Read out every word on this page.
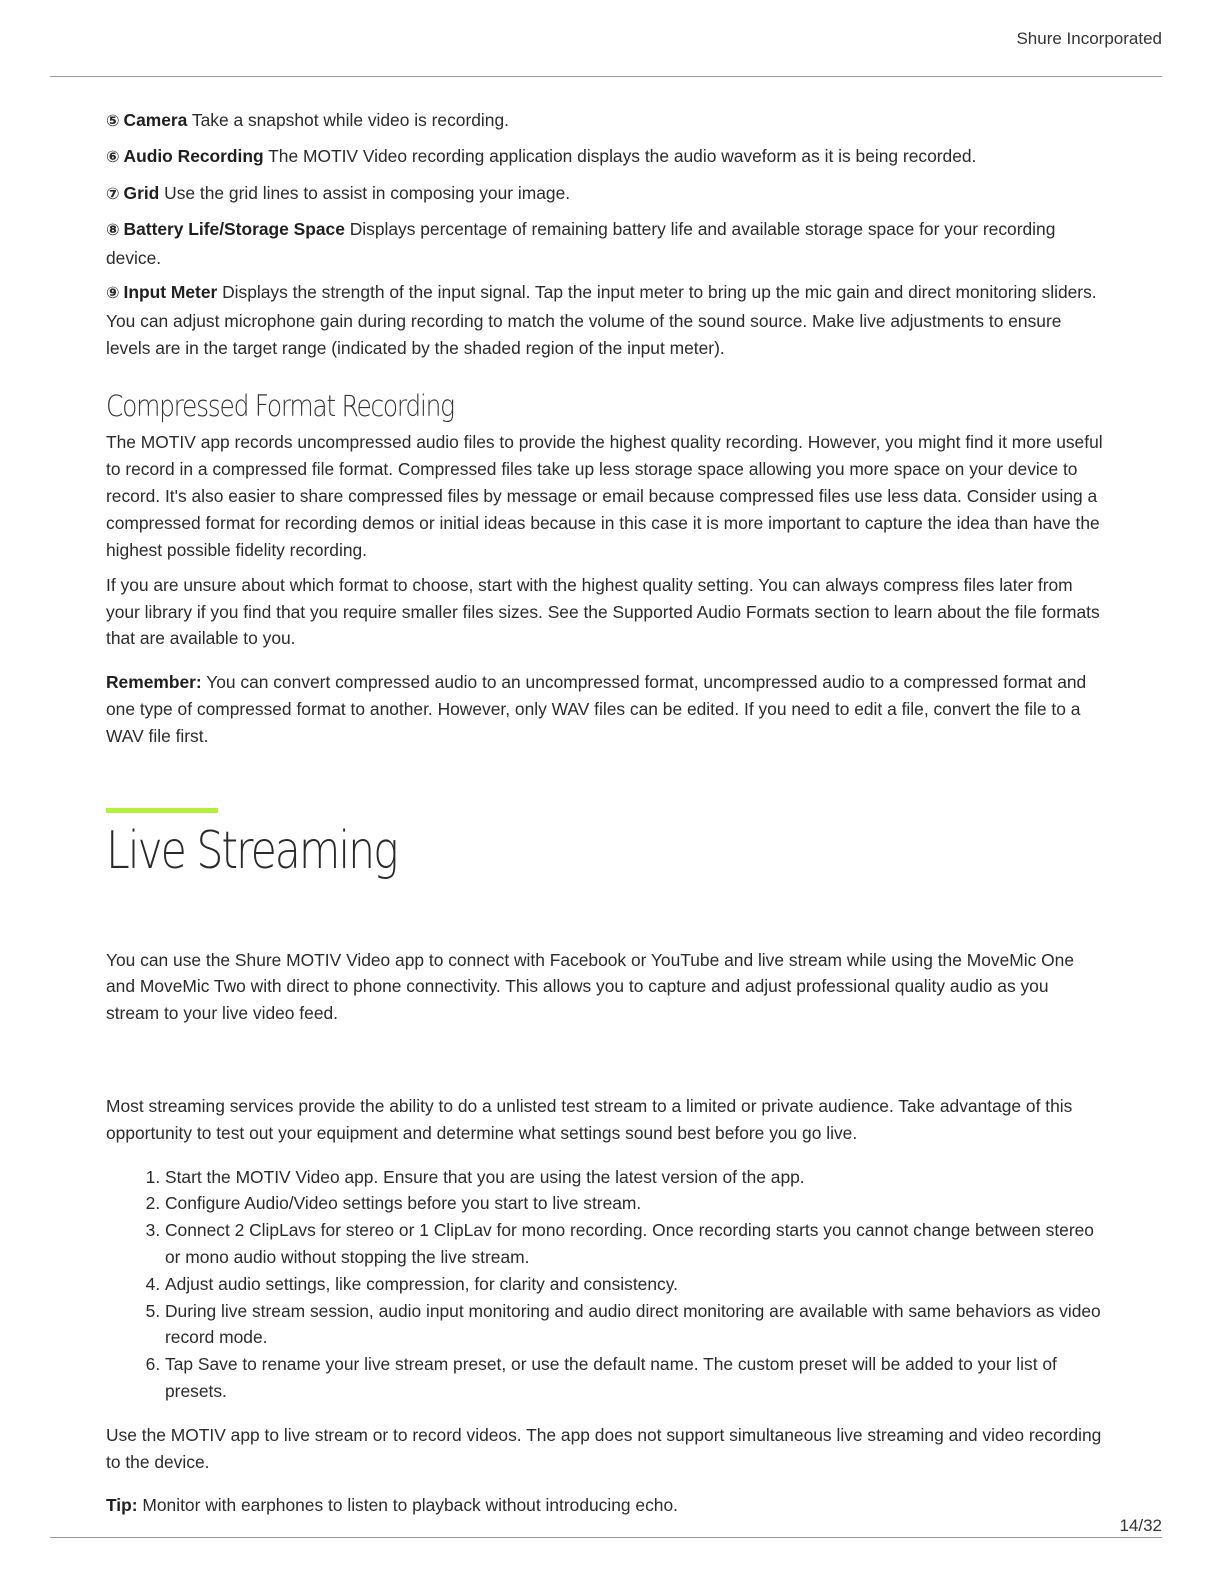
Shure Incorporated

⑤ Camera Take a snapshot while video is recording.

⑥ Audio Recording The MOTIV Video recording application displays the audio waveform as it is being recorded.

⑦ Grid Use the grid lines to assist in composing your image.

⑧ Battery Life/Storage Space Displays percentage of remaining battery life and available storage space for your recording device.

⑨ Input Meter Displays the strength of the input signal. Tap the input meter to bring up the mic gain and direct monitoring sliders. You can adjust microphone gain during recording to match the volume of the sound source. Make live adjustments to ensure levels are in the target range (indicated by the shaded region of the input meter).

Compressed Format Recording

The MOTIV app records uncompressed audio files to provide the highest quality recording. However, you might find it more useful to record in a compressed file format. Compressed files take up less storage space allowing you more space on your device to record. It's also easier to share compressed files by message or email because compressed files use less data. Consider using a compressed format for recording demos or initial ideas because in this case it is more important to capture the idea than have the highest possible fidelity recording.

If you are unsure about which format to choose, start with the highest quality setting. You can always compress files later from your library if you find that you require smaller files sizes. See the Supported Audio Formats section to learn about the file formats that are available to you.

Remember: You can convert compressed audio to an uncompressed format, uncompressed audio to a compressed format and one type of compressed format to another. However, only WAV files can be edited. If you need to edit a file, convert the file to a WAV file first.

Live Streaming

You can use the Shure MOTIV Video app to connect with Facebook or YouTube and live stream while using the MoveMic One and MoveMic Two with direct to phone connectivity. This allows you to capture and adjust professional quality audio as you stream to your live video feed.

Most streaming services provide the ability to do a unlisted test stream to a limited or private audience. Take advantage of this opportunity to test out your equipment and determine what settings sound best before you go live.

1. Start the MOTIV Video app. Ensure that you are using the latest version of the app.
2. Configure Audio/Video settings before you start to live stream.
3. Connect 2 ClipLavs for stereo or 1 ClipLav for mono recording. Once recording starts you cannot change between stereo or mono audio without stopping the live stream.
4. Adjust audio settings, like compression, for clarity and consistency.
5. During live stream session, audio input monitoring and audio direct monitoring are available with same behaviors as video record mode.
6. Tap Save to rename your live stream preset, or use the default name. The custom preset will be added to your list of presets.

Use the MOTIV app to live stream or to record videos. The app does not support simultaneous live streaming and video recording to the device.

Tip: Monitor with earphones to listen to playback without introducing echo.

14/32
